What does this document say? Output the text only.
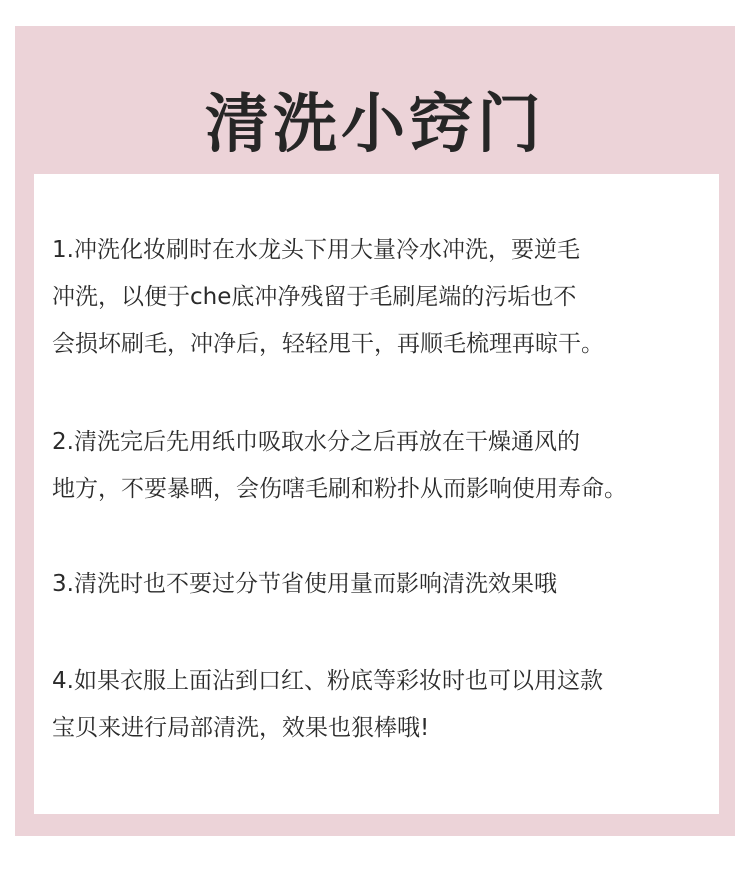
清洗小窍门

1.冲洗化妆刷时在水龙头下用大量冷水冲洗，要逆毛
冲洗，以便于che底冲净残留于毛刷尾端的污垢也不
会损坏刷毛，冲净后，轻轻甩干，再顺毛梳理再晾干。

2.清洗完后先用纸巾吸取水分之后再放在干燥通风的
地方，不要暴晒，会伤嗐毛刷和粉扑从而影响使用寿命。

3.清洗时也不要过分节省使用量而影响清洗效果哦

4.如果衣服上面沾到口红、粉底等彩妆时也可以用这款
宝贝来进行局部清洗，效果也狠棒哦!
